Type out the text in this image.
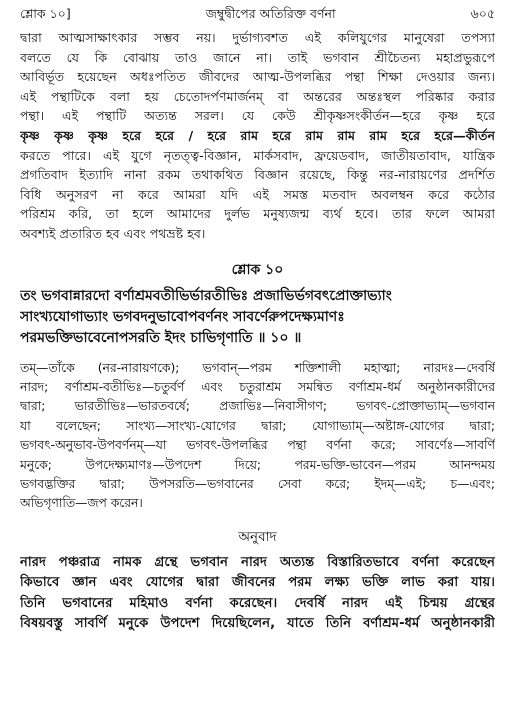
শ্লোক ১০]	জম্বুদ্বীপের অতিরিক্ত বর্ণনা	৬০৫
দ্বারা আত্মসাক্ষাৎকার সম্ভব নয়। দুর্ভাগ্যবশত এই কলিযুগের মানুষেরা তপস্যা
বলতে যে কি বোঝায় তাও জানে না। তাই ভগবান শ্রীচৈতন্য মহাপ্রভুরূপে
আবির্ভূত হয়েছেন অধঃপতিত জীবদের আত্ম-উপলব্ধির পন্থা শিক্ষা দেওয়ার জন্য।
এই পন্থাটিকে বলা হয় চেতোদর্পণমার্জনম্ বা অন্তরের অন্তঃস্থল পরিষ্কার করার
পন্থা। এই পন্থাটি অত্যন্ত সরল। যে কেউ শ্রীকৃষ্ণসংকীর্তন—হরে কৃষ্ণ হরে
কৃষ্ণ কৃষ্ণ কৃষ্ণ হরে হরে / হরে রাম হরে রাম রাম রাম হরে হরে—কীর্তন
করতে পারে। এই যুগে নৃতত্ত্ব-বিজ্ঞান, মার্কসবাদ, ফ্রয়েডবাদ, জাতীয়তাবাদ, যান্ত্রিক
প্রগতিবাদ ইত্যাদি নানা রকম তথাকথিত বিজ্ঞান রয়েছে, কিন্তু নর-নারায়ণের প্রদর্শিত
বিধি অনুসরণ না করে আমরা যদি এই সমস্ত মতবাদ অবলম্বন করে কঠোর
পরিশ্রম করি, তা হলে আমাদের দুর্লভ মনুষ্যজন্ম ব্যর্থ হবে। তার ফলে আমরা
অবশ্যই প্রতারিত হব এবং পথভ্রষ্ট হব।
শ্লোক ১০
তং ভগবান্নারদো বর্ণাশ্রমবতীভির্ভারতীভিঃ প্রজাভির্ভগবৎপ্রোক্তাভ্যাং
সাংখ্যযোগাভ্যাং ভগবদনুভাবোপবর্ণনং সাবর্ণেরুপদেক্ষ্যমাণঃ
পরমভক্তিভাবেনোপসরতি ইদং চাভিগৃণাতি ॥ ১০ ॥
তম্—তাঁকে (নর-নারায়ণকে); ভগবান্—পরম শক্তিশালী মহাত্মা; নারদঃ—দেবর্ষি
নারদ; বর্ণাশ্রম-বতীভিঃ—চতুর্বর্ণ এবং চতুরাশ্রম সমন্বিত বর্ণাশ্রম-ধর্ম অনুষ্ঠানকারীদের
দ্বারা; ভারতীভিঃ—ভারতবর্ষে; প্রজাভিঃ—নিবাসীগণ; ভগবৎ-প্রোক্তাভ্যাম্—ভগবান
যা বলেছেন; সাংখ্য—সাংখ্য-যোগের দ্বারা; যোগাভ্যাম্—অষ্টাঙ্গ-যোগের দ্বারা;
ভগবৎ-অনুভাব-উপবর্ণনম্—যা ভগবৎ-উপলব্ধির পন্থা বর্ণনা করে; সাবর্ণেঃ—সাবর্ণি
মনুকে; উপদেক্ষ্যমাণঃ—উপদেশ দিয়ে; পরম-ভক্তি-ভাবেন—পরম আনন্দময়
ভগবদ্ভক্তির দ্বারা; উপসরতি—ভগবানের সেবা করে; ইদম্—এই; চ—এবং;
অভিগৃণাতি—জপ করেন।
অনুবাদ
নারদ পঞ্চরাত্র নামক গ্রন্থে ভগবান নারদ অত্যন্ত বিস্তারিতভাবে বর্ণনা করেছেন
কিভাবে জ্ঞান এবং যোগের দ্বারা জীবনের পরম লক্ষ্য ভক্তি লাভ করা যায়।
তিনি ভগবানের মহিমাও বর্ণনা করেছেন। দেবর্ষি নারদ এই চিন্ময় গ্রন্থের
বিষয়বস্তু সাবর্ণি মনুকে উপদেশ দিয়েছিলেন, যাতে তিনি বর্ণাশ্রম-ধর্ম অনুষ্ঠানকারী
